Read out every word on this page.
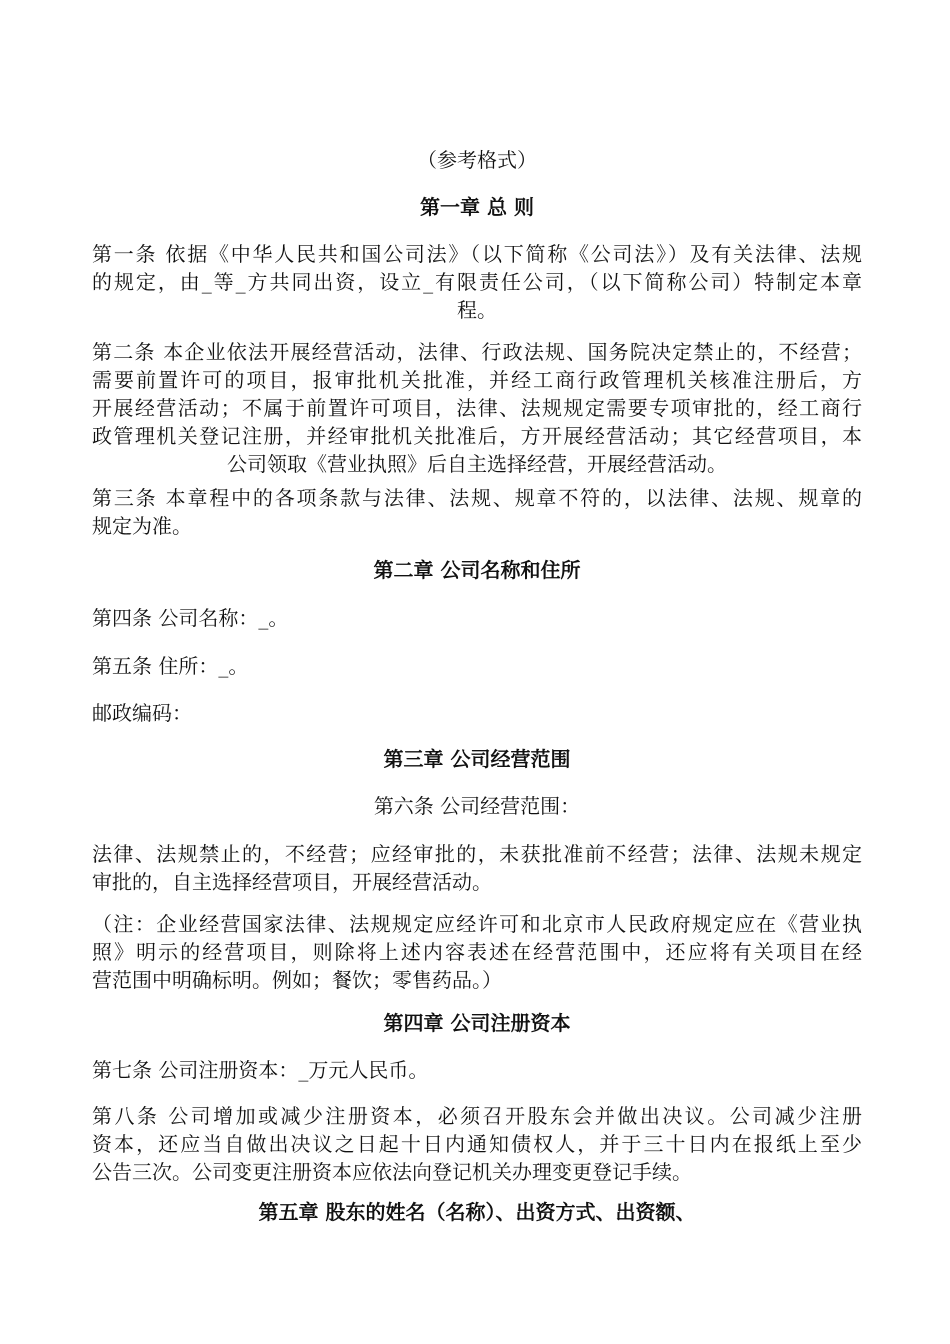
（参考格式）
第一章 总 则
第一条 依据《中华人民共和国公司法》（以下简称《公司法》）及有关法律、法规
的规定，由_等_方共同出资，设立_有限责任公司，（以下简称公司）特制定本章
程。
第二条 本企业依法开展经营活动，法律、行政法规、国务院决定禁止的，不经营；
需要前置许可的项目，报审批机关批准，并经工商行政管理机关核准注册后，方
开展经营活动；不属于前置许可项目，法律、法规规定需要专项审批的，经工商行
政管理机关登记注册，并经审批机关批准后，方开展经营活动；其它经营项目，本
公司领取《营业执照》后自主选择经营，开展经营活动。
第三条 本章程中的各项条款与法律、法规、规章不符的，以法律、法规、规章的
规定为准。
第二章 公司名称和住所
第四条 公司名称：_。
第五条 住所：_。
邮政编码：
第三章 公司经营范围
第六条 公司经营范围：
法律、法规禁止的，不经营；应经审批的，未获批准前不经营；法律、法规未规定
审批的，自主选择经营项目，开展经营活动。
（注：企业经营国家法律、法规规定应经许可和北京市人民政府规定应在《营业执
照》明示的经营项目，则除将上述内容表述在经营范围中，还应将有关项目在经
营范围中明确标明。例如；餐饮；零售药品。）
第四章 公司注册资本
第七条 公司注册资本：_万元人民币。
第八条 公司增加或减少注册资本，必须召开股东会并做出决议。公司减少注册
资本，还应当自做出决议之日起十日内通知债权人，并于三十日内在报纸上至少
公告三次。公司变更注册资本应依法向登记机关办理变更登记手续。
第五章 股东的姓名（名称）、出资方式、出资额、
